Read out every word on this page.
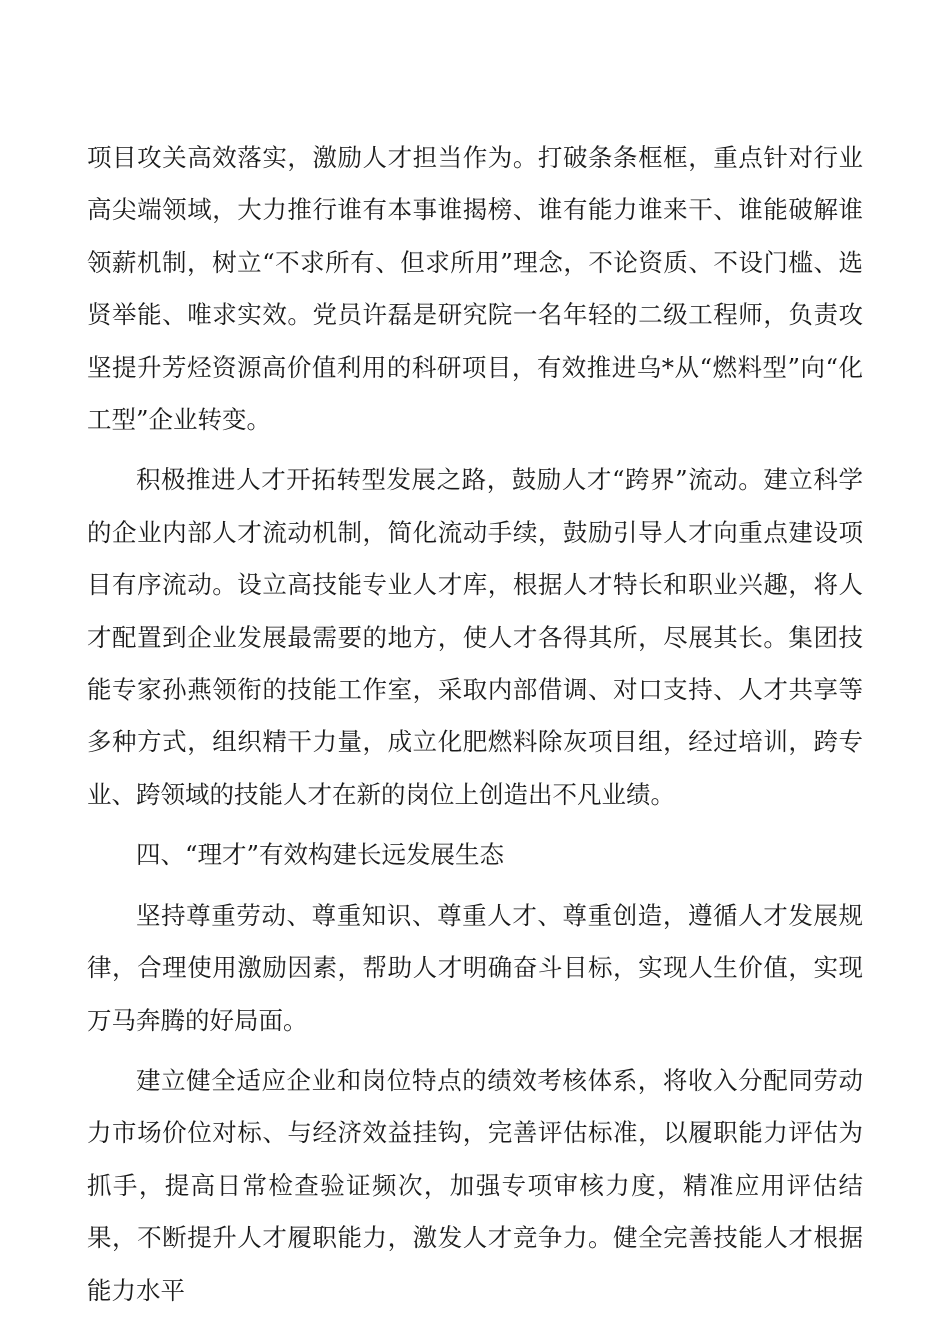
项目攻关高效落实，激励人才担当作为。打破条条框框，重点针对行业高尖端领域，大力推行谁有本事谁揭榜、谁有能力谁来干、谁能破解谁领薪机制，树立“不求所有、但求所用”理念，不论资质、不设门槛、选贤举能、唯求实效。党员许磊是研究院一名年轻的二级工程师，负责攻坚提升芳烃资源高价值利用的科研项目，有效推进乌*从“燃料型”向“化工型”企业转变。

积极推进人才开拓转型发展之路，鼓励人才“跨界”流动。建立科学的企业内部人才流动机制，简化流动手续，鼓励引导人才向重点建设项目有序流动。设立高技能专业人才库，根据人才特长和职业兴趣，将人才配置到企业发展最需要的地方，使人才各得其所，尽展其长。集团技能专家孙燕领衔的技能工作室，采取内部借调、对口支持、人才共享等多种方式，组织精干力量，成立化肥燃料除灰项目组，经过培训，跨专业、跨领域的技能人才在新的岗位上创造出不凡业绩。

四、“理才”有效构建长远发展生态

坚持尊重劳动、尊重知识、尊重人才、尊重创造，遵循人才发展规律，合理使用激励因素，帮助人才明确奋斗目标，实现人生价值，实现万马奔腾的好局面。

建立健全适应企业和岗位特点的绩效考核体系，将收入分配同劳动力市场价位对标、与经济效益挂钩，完善评估标准，以履职能力评估为抓手，提高日常检查验证频次，加强专项审核力度，精准应用评估结果，不断提升人才履职能力，激发人才竞争力。健全完善技能人才根据能力水平
